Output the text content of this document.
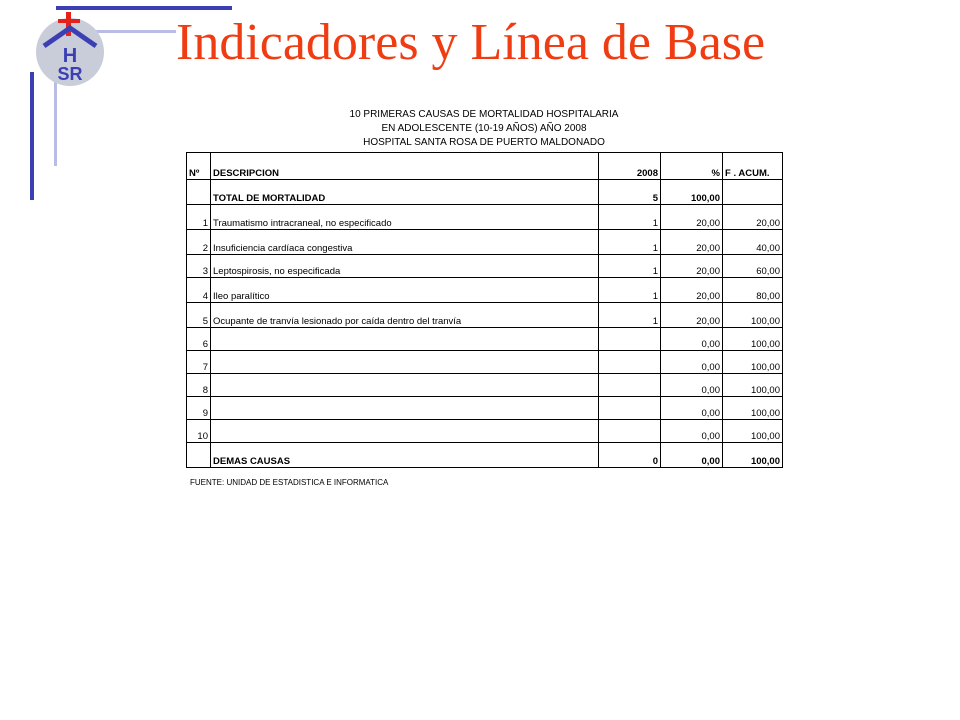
H
SR
Indicadores y Línea de Base
10 PRIMERAS CAUSAS DE MORTALIDAD HOSPITALARIA
EN ADOLESCENTE (10-19 AÑOS) AÑO 2008
HOSPITAL SANTA ROSA DE PUERTO MALDONADO
Nº	DESCRIPCION	2008	%	F . ACUM.
	TOTAL DE MORTALIDAD	5	100,00	
1	Traumatismo intracraneal, no especificado	1	20,00	20,00
2	Insuficiencia cardíaca congestiva	1	20,00	40,00
3	Leptospirosis, no especificada	1	20,00	60,00
4	Ileo paralítico	1	20,00	80,00
5	Ocupante de tranvía lesionado por caída dentro del tranvía	1	20,00	100,00
6			0,00	100,00
7			0,00	100,00
8			0,00	100,00
9			0,00	100,00
10			0,00	100,00
	DEMAS CAUSAS	0	0,00	100,00
FUENTE: UNIDAD DE ESTADISTICA E INFORMATICA
